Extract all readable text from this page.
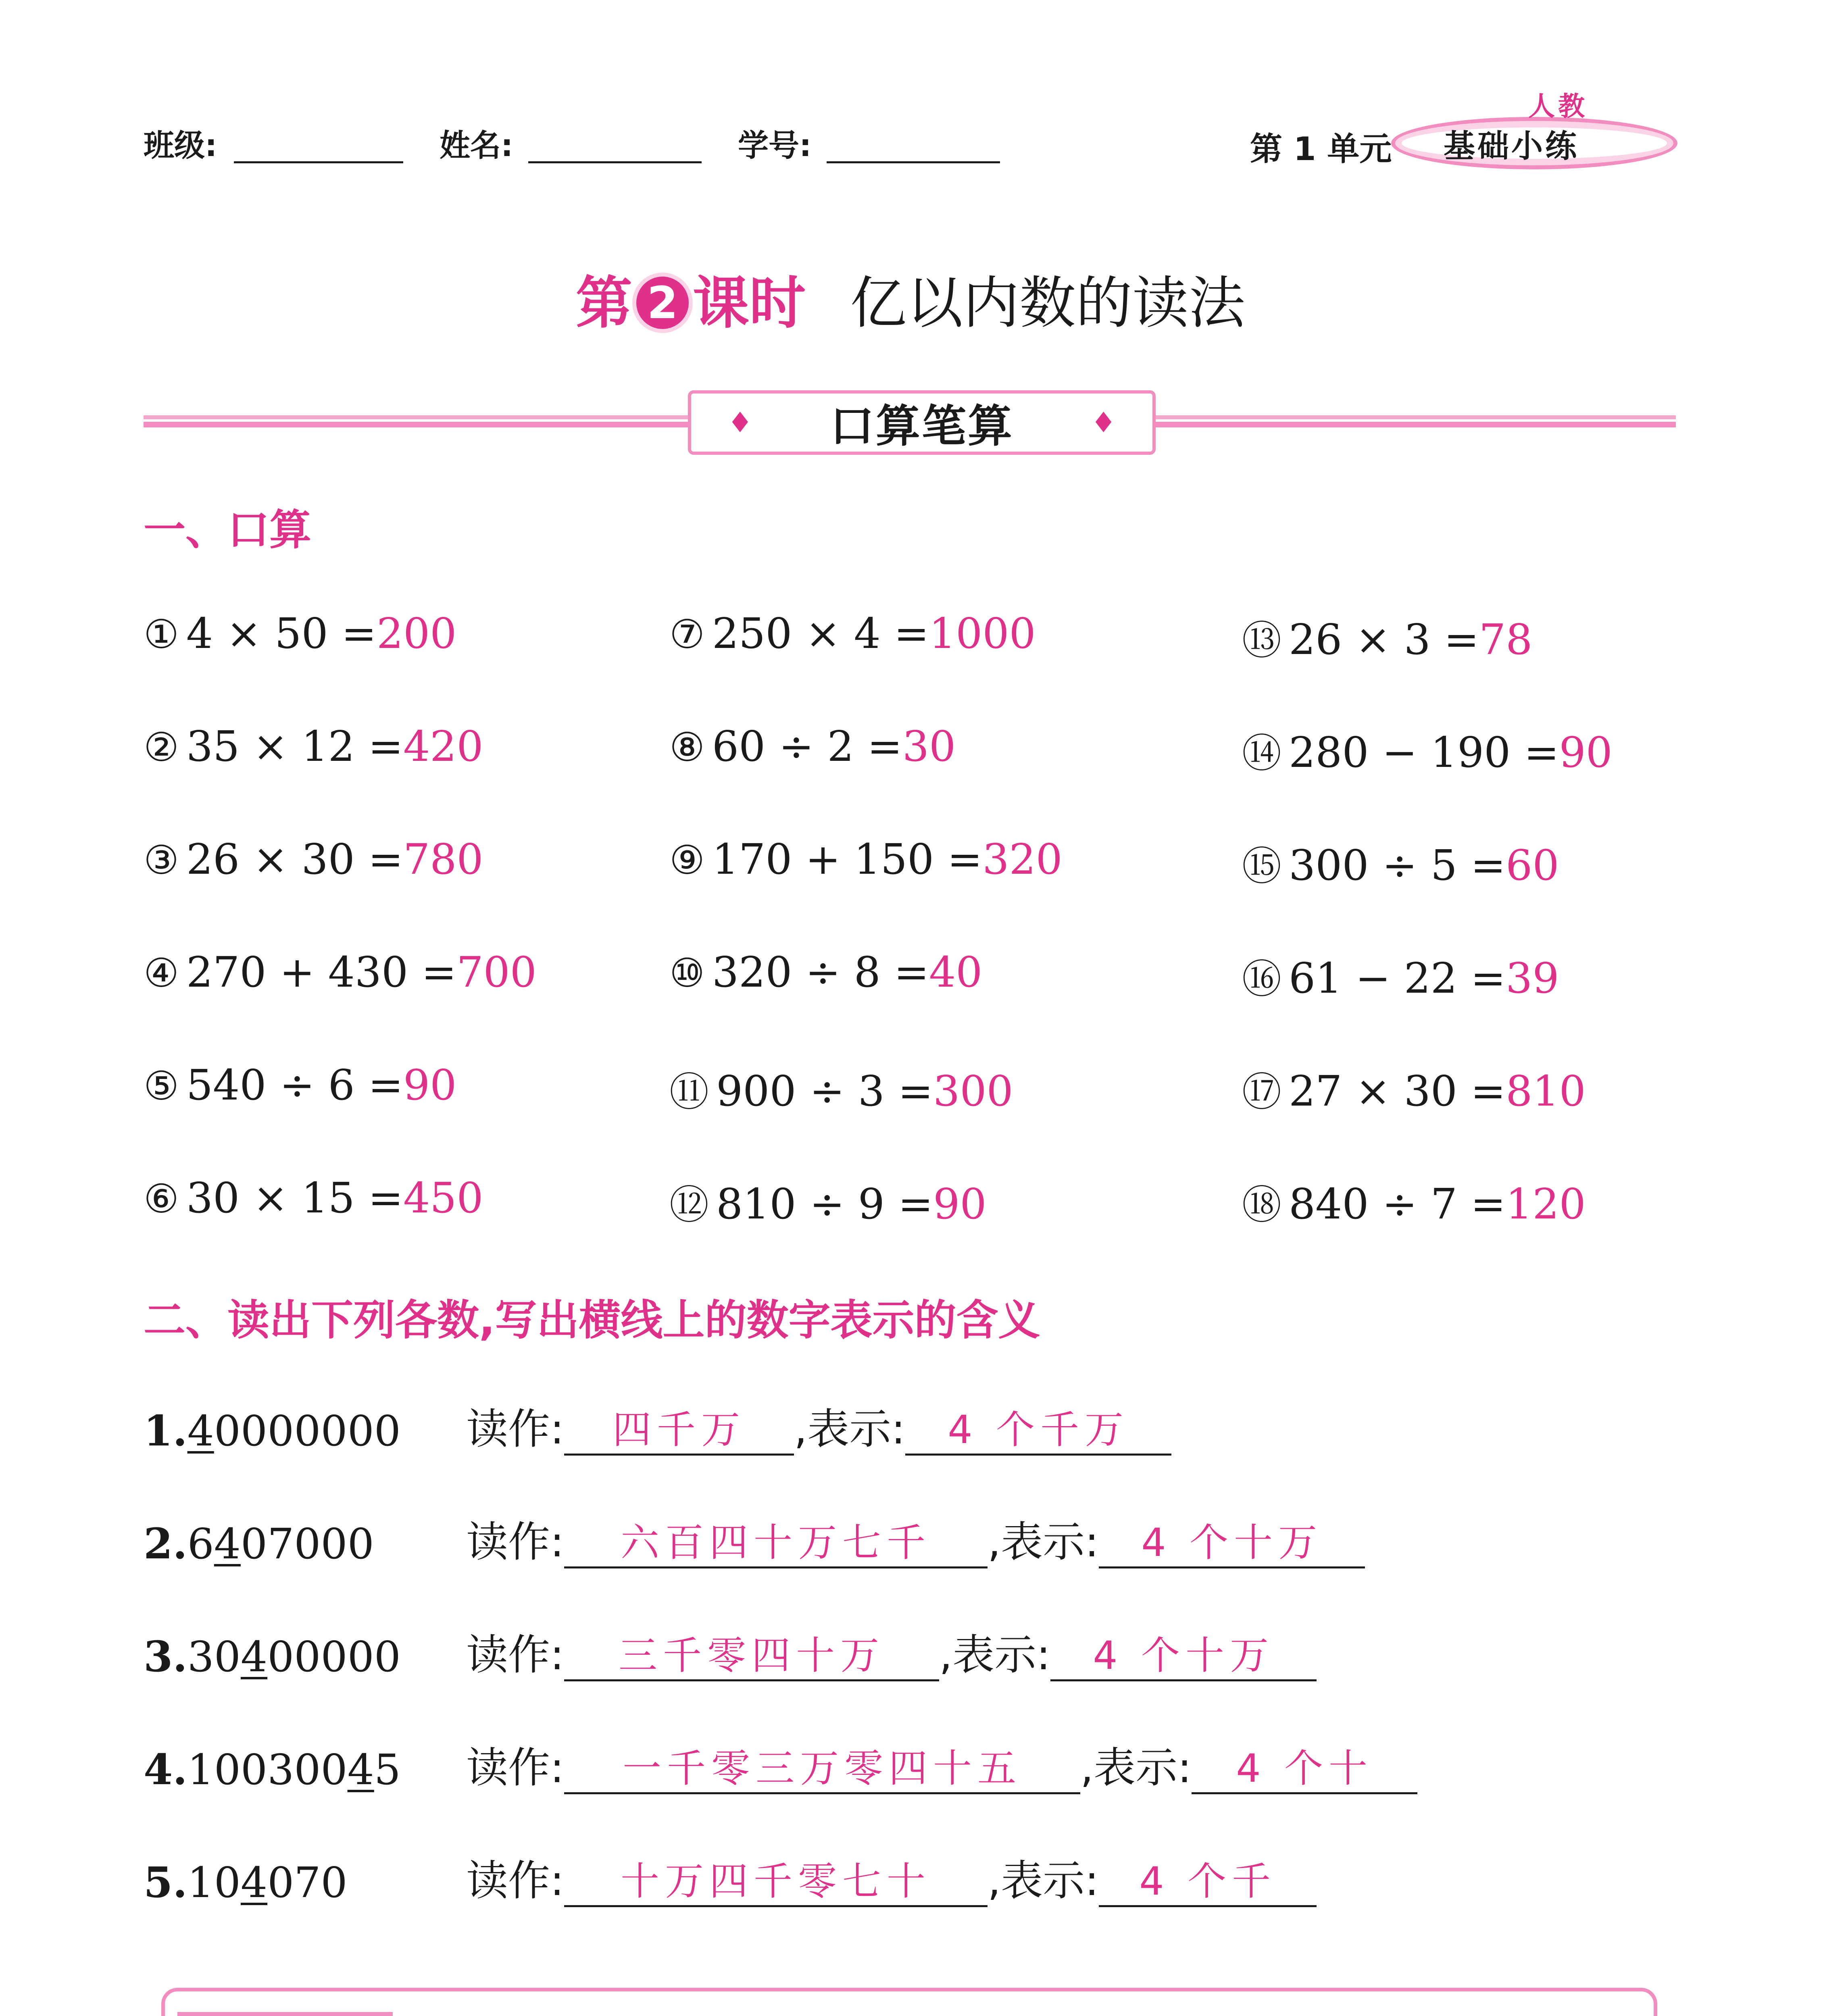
班级:	姓名:	学号:	第 1 单元
人教
基础小练
第 2 课时 亿以内数的读法
♦ 口算笔算	♦
一、口算
① 4 × 50 =200
② 35 × 12 =420
③ 26 × 30 =780
④ 270 + 430 =700
⑤ 540 ÷ 6 =90
⑥ 30 × 15 =450
⑦ 250 × 4 =1000
⑧ 60 ÷ 2 =30
⑨ 170 + 150 =320
⑩ 320 ÷ 8 =40
⑪ 900 ÷ 3 =300
⑫ 810 ÷ 9 =90
⑬ 26 × 3 =78
⑭ 280 − 190 =90
⑮ 300 ÷ 5 =60
⑯ 61 − 22 =39
⑰ 27 × 30 =810
⑱ 840 ÷ 7 =120
二、读出下列各数,写出横线上的数字表示的含义
1.40000000	读作:	四千万	,表示:	4 个千万
2.6407000	读作:	六百四十万七千	,表示:	4 个十万
3.30400000	读作:	三千零四十万	,表示:	4 个十万
4.10030045	读作:	一千零三万零四十五	,表示:	4 个十
5.104070	读作:	十万四千零七十	,表示:	4 个千
